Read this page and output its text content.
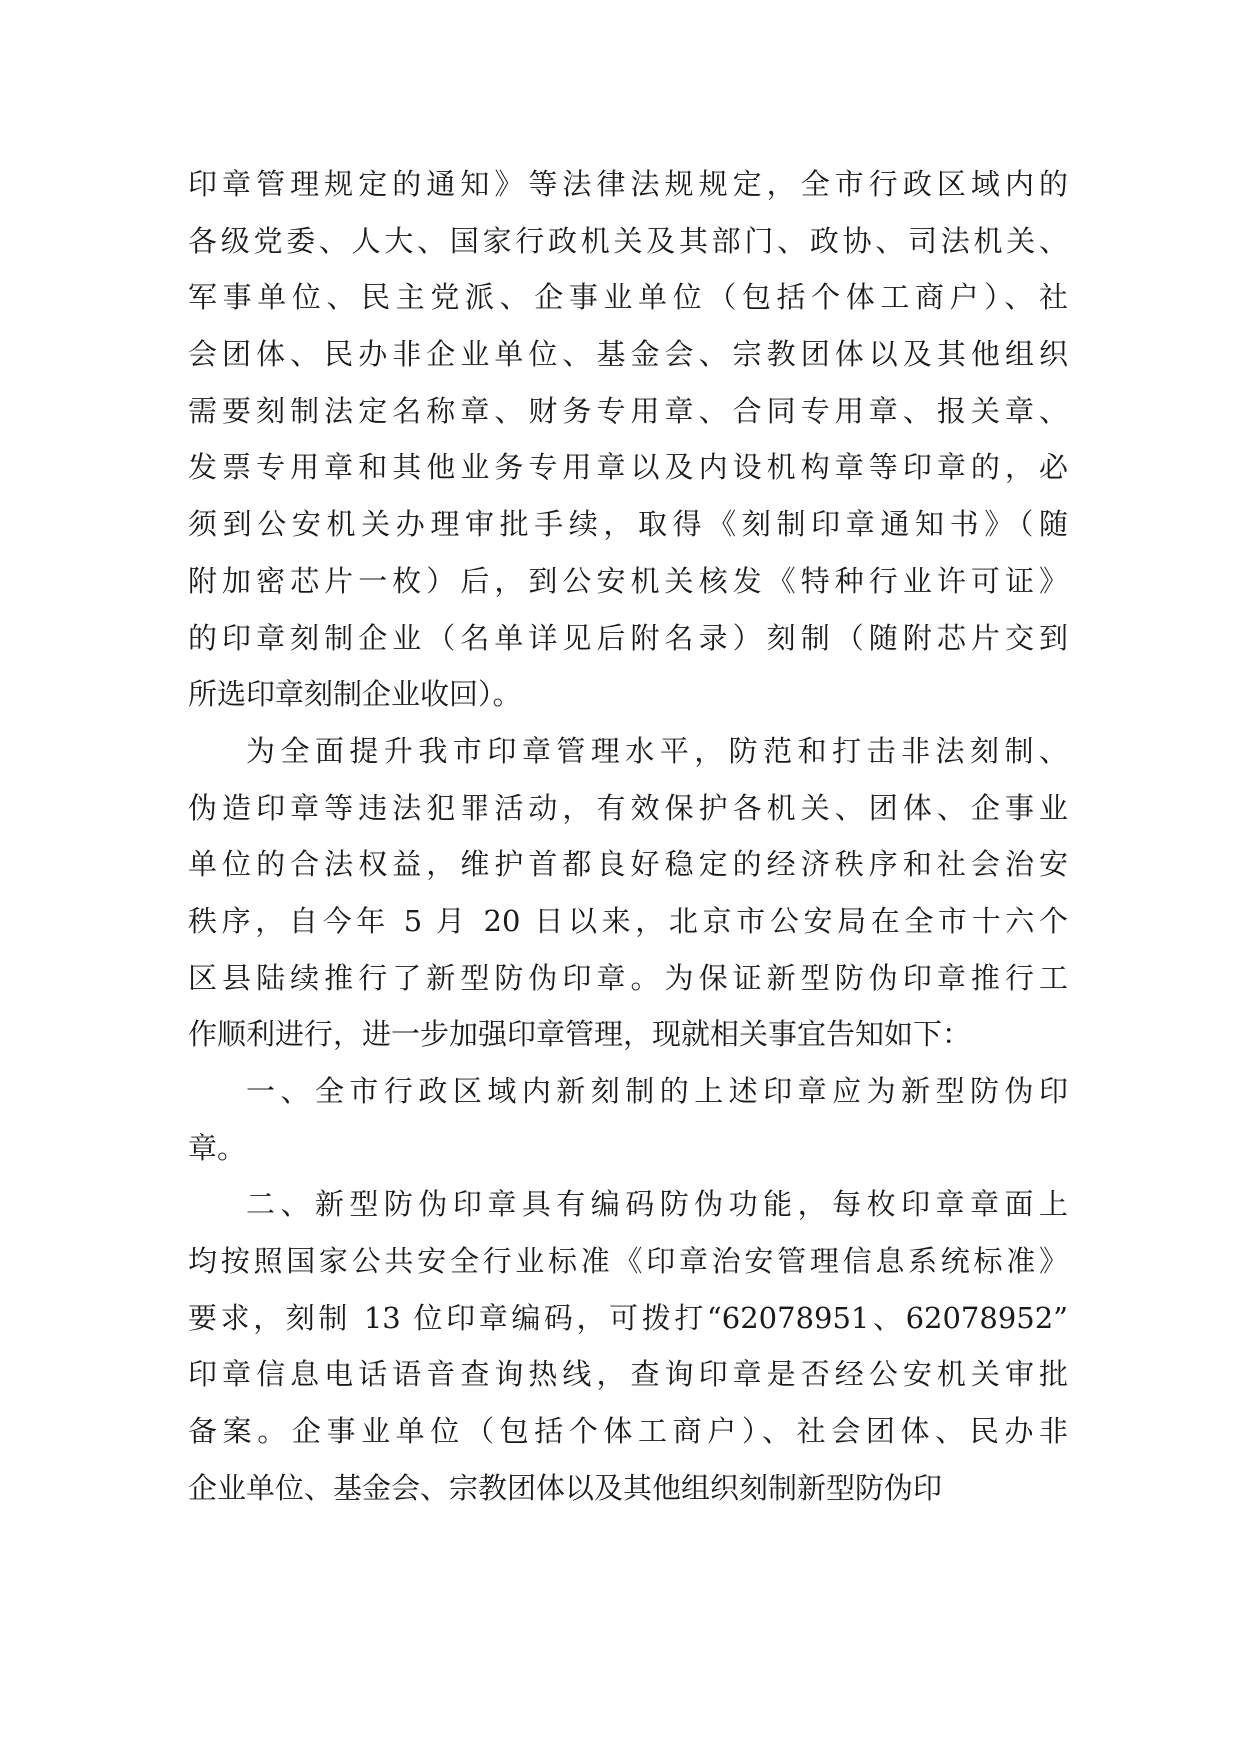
印章管理规定的通知》等法律法规规定，全市行政区域内的
各级党委、人大、国家行政机关及其部门、政协、司法机关、
军事单位、民主党派、企事业单位（包括个体工商户）、社
会团体、民办非企业单位、基金会、宗教团体以及其他组织
需要刻制法定名称章、财务专用章、合同专用章、报关章、
发票专用章和其他业务专用章以及内设机构章等印章的，必
须到公安机关办理审批手续，取得《刻制印章通知书》（随
附加密芯片一枚）后，到公安机关核发《特种行业许可证》
的印章刻制企业（名单详见后附名录）刻制（随附芯片交到
所选印章刻制企业收回）。
为全面提升我市印章管理水平，防范和打击非法刻制、
伪造印章等违法犯罪活动，有效保护各机关、团体、企事业
单位的合法权益，维护首都良好稳定的经济秩序和社会治安
秩序，自今年 5 月 20 日以来，北京市公安局在全市十六个
区县陆续推行了新型防伪印章。为保证新型防伪印章推行工
作顺利进行，进一步加强印章管理，现就相关事宜告知如下：
一、全市行政区域内新刻制的上述印章应为新型防伪印
章。
二、新型防伪印章具有编码防伪功能，每枚印章章面上
均按照国家公共安全行业标准《印章治安管理信息系统标准》
要求，刻制 13 位印章编码，可拨打“62078951、62078952”
印章信息电话语音查询热线，查询印章是否经公安机关审批
备案。企事业单位（包括个体工商户）、社会团体、民办非
企业单位、基金会、宗教团体以及其他组织刻制新型防伪印
